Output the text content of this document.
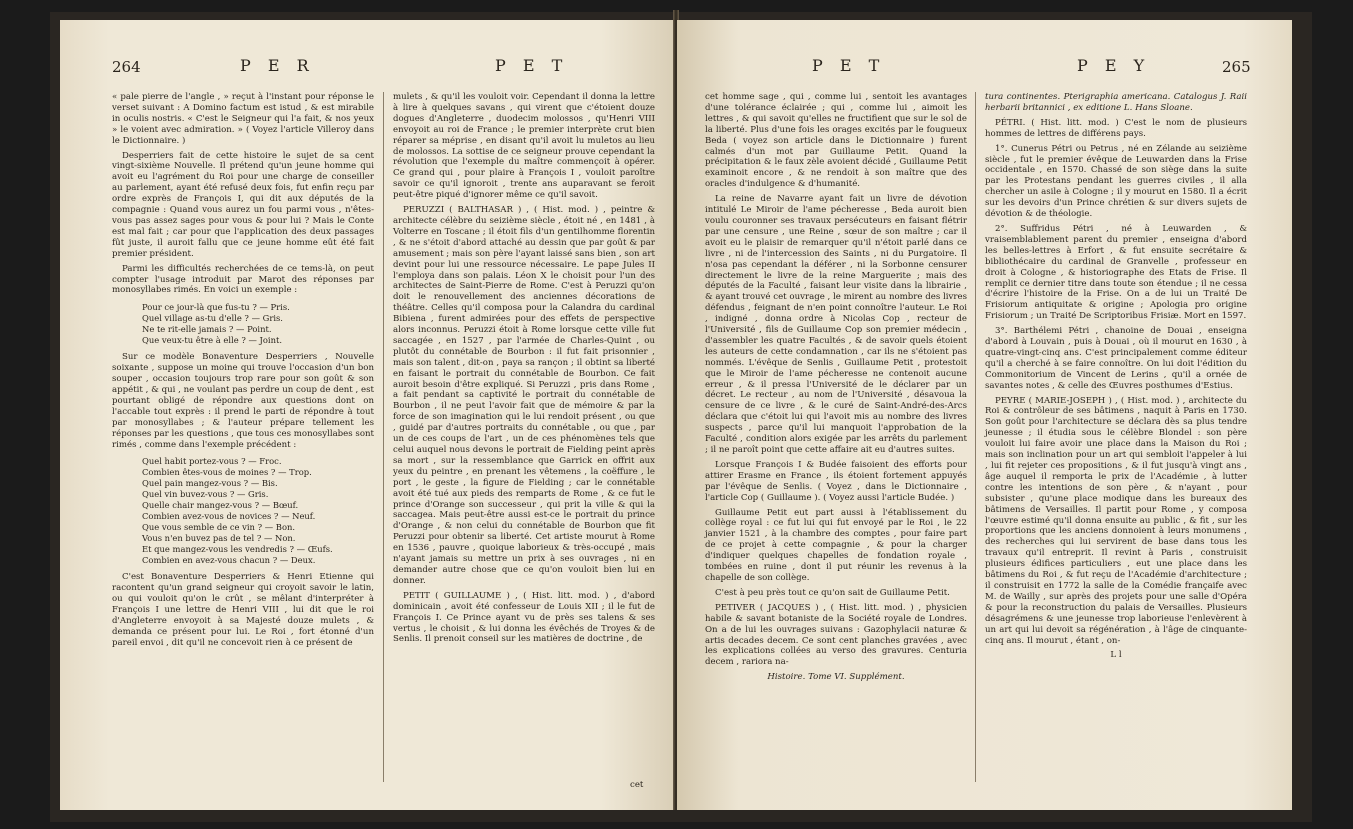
264	P E R	P E T

« pale pierre de l'angle , » reçut à l'instant pour réponse le verset suivant : A Domino factum est istud , & est mirabile in oculis nostris. « C'est le Seigneur qui l'a fait, & nos yeux » le voient avec admiration. » ( Voyez l'article Villeroy dans le Dictionnaire. )

Desperriers fait de cette histoire le sujet de sa cent vingt-sixième Nouvelle. Il prétend qu'un jeune homme qui avoit eu l'agrément du Roi pour une charge de conseiller au parlement, ayant été refusé deux fois, fut enfin reçu par ordre exprès de François I, qui dit aux députés de la compagnie : Quand vous aurez un fou parmi vous , n'êtes-vous pas assez sages pour vous & pour lui ? Mais le Conte est mal fait ; car pour que l'application des deux passages fût juste, il auroit fallu que ce jeune homme eût été fait premier président.

Parmi les difficultés recherchées de ce tems-là, on peut compter l'usage introduit par Marot des réponses par monosyllabes rimés. En voici un exemple :

Pour ce jour-là que fus-tu ? — Pris.
Quel village as-tu d'elle ? — Gris.
Ne te rit-elle jamais ? — Point.
Que veux-tu être à elle ? — Joint.

Sur ce modèle Bonaventure Desperriers , Nouvelle soixante , suppose un moine qui trouve l'occasion d'un bon souper , occasion toujours trop rare pour son goût & son appétit , & qui , ne voulant pas perdre un coup de dent , est pourtant obligé de répondre aux questions dont on l'accable tout exprès : il prend le parti de répondre à tout par monosyllabes ; & l'auteur prépare tellement les réponses par les questions , que tous ces monosyllabes sont rimés , comme dans l'exemple précédent :

Quel habit portez-vous ? — Froc.
Combien êtes-vous de moines ? — Trop.
Quel pain mangez-vous ? — Bis.
Quel vin buvez-vous ? — Gris.
Quelle chair mangez-vous ? — Bœuf.
Combien avez-vous de novices ? — Neuf.
Que vous semble de ce vin ? — Bon.
Vous n'en buvez pas de tel ? — Non.
Et que mangez-vous les vendredis ? — Œufs.
Combien en avez-vous chacun ? — Deux.

C'est Bonaventure Desperriers & Henri Etienne qui racontent qu'un grand seigneur qui croyoit savoir le latin, ou qui vouloit qu'on le crût , se mêlant d'interpréter à François I une lettre de Henri VIII , lui dit que le roi d'Angleterre envoyoit à sa Majesté douze mulets , & demanda ce présent pour lui. Le Roi , fort étonné d'un pareil envoi , dit qu'il ne concevoit rien à ce présent de

mulets , & qu'il les vouloit voir. Cependant il donna la lettre à lire à quelques savans , qui virent que c'étoient douze dogues d'Angleterre , duodecim molossos , qu'Henri VIII envoyoit au roi de France ; le premier interprète crut bien réparer sa méprise , en disant qu'il avoit lu muletos au lieu de molossos. La sottise de ce seigneur prouve cependant la révolution que l'exemple du maître commençoit à opérer. Ce grand qui , pour plaire à François I , vouloit paroître savoir ce qu'il ignoroit , trente ans auparavant se feroit peut-être piqué d'ignorer même ce qu'il savoit.

PERUZZI ( BALTHASAR ) , ( Hist. mod. ) , peintre & architecte célèbre du seizième siècle , étoit né , en 1481 , à Volterre en Toscane ; il étoit fils d'un gentilhomme florentin , & ne s'étoit d'abord attaché au dessin que par goût & par amusement ; mais son père l'ayant laissé sans bien , son art devint pour lui une ressource nécessaire. Le pape Jules II l'employa dans son palais. Léon X le choisit pour l'un des architectes de Saint-Pierre de Rome. C'est à Peruzzi qu'on doit le renouvellement des anciennes décorations de théâtre. Celles qu'il composa pour la Calandra du cardinal Bibiena , furent admirées pour des effets de perspective alors inconnus. Peruzzi étoit à Rome lorsque cette ville fut saccagée , en 1527 , par l'armée de Charles-Quint , ou plutôt du connétable de Bourbon : il fut fait prisonnier , mais son talent , dit-on , paya sa rançon ; il obtint sa liberté en faisant le portrait du connétable de Bourbon. Ce fait auroit besoin d'être expliqué. Si Peruzzi , pris dans Rome , a fait pendant sa captivité le portrait du connétable de Bourbon , il ne peut l'avoir fait que de mémoire & par la force de son imagination qui le lui rendoit présent , ou que , guidé par d'autres portraits du connétable , ou que , par un de ces coups de l'art , un de ces phénomènes tels que celui auquel nous devons le portrait de Fielding peint après sa mort , sur la ressemblance que Garrick en offrit aux yeux du peintre , en prenant les vêtemens , la coëffure , le port , le geste , la figure de Fielding ; car le connétable avoit été tué aux pieds des remparts de Rome , & ce fut le prince d'Orange son successeur , qui prit la ville & qui la saccagea. Mais peut-être aussi est-ce le portrait du prince d'Orange , & non celui du connétable de Bourbon que fit Peruzzi pour obtenir sa liberté. Cet artiste mourut à Rome en 1536 , pauvre , quoique laborieux & très-occupé , mais n'ayant jamais su mettre un prix à ses ouvrages , ni en demander autre chose que ce qu'on vouloit bien lui en donner.

PETIT ( GUILLAUME ) , ( Hist. litt. mod. ) , d'abord dominicain , avoit été confesseur de Louis XII ; il le fut de François I. Ce Prince ayant vu de près ses talens & ses vertus , le choisit , & lui donna les évêchés de Troyes & de Senlis. Il prenoit conseil sur les matières de doctrine , de

cet
P E T	P E Y	265

cet homme sage , qui , comme lui , sentoit les avantages d'une tolérance éclairée ; qui , comme lui , aimoit les lettres , & qui savoit qu'elles ne fructifient que sur le sol de la liberté. Plus d'une fois les orages excités par le fougueux Beda ( voyez son article dans le Dictionnaire ) furent calmés d'un mot par Guillaume Petit. Quand la précipitation & le faux zèle avoient décidé , Guillaume Petit examinoit encore , & ne rendoit à son maître que des oracles d'indulgence & d'humanité.

La reine de Navarre ayant fait un livre de dévotion intitulé Le Miroir de l'ame pécheresse , Beda auroit bien voulu couronner ses travaux persécuteurs en faisant flétrir par une censure , une Reine , sœur de son maître ; car il avoit eu le plaisir de remarquer qu'il n'étoit parlé dans ce livre , ni de l'intercession des Saints , ni du Purgatoire. Il n'osa pas cependant la déférer , ni la Sorbonne censurer directement le livre de la reine Marguerite ; mais des députés de la Faculté , faisant leur visite dans la librairie , & ayant trouvé cet ouvrage , le mirent au nombre des livres défendus , feignant de n'en point connoître l'auteur. Le Roi , indigné , donna ordre à Nicolas Cop , recteur de l'Université , fils de Guillaume Cop son premier médecin , d'assembler les quatre Facultés , & de savoir quels étoient les auteurs de cette condamnation , car ils ne s'étoient pas nommés. L'évêque de Senlis , Guillaume Petit , protestoit que le Miroir de l'ame pécheresse ne contenoit aucune erreur , & il pressa l'Université de le déclarer par un décret. Le recteur , au nom de l'Université , désavoua la censure de ce livre , & le curé de Saint-André-des-Arcs déclara que c'étoit lui qui l'avoit mis au nombre des livres suspects , parce qu'il lui manquoit l'approbation de la Faculté , condition alors exigée par les arrêts du parlement ; il ne paroît point que cette affaire ait eu d'autres suites.

Lorsque François I & Budée faisoient des efforts pour attirer Erasme en France , ils étoient fortement appuyés par l'évêque de Senlis. ( Voyez , dans le Dictionnaire , l'article Cop ( Guillaume ). ( Voyez aussi l'article Budée. )

Guillaume Petit eut part aussi à l'établissement du collège royal : ce fut lui qui fut envoyé par le Roi , le 22 janvier 1521 , à la chambre des comptes , pour faire part de ce projet à cette compagnie , & pour la charger d'indiquer quelques chapelles de fondation royale , tombées en ruine , dont il put réunir les revenus à la chapelle de son collège.

C'est à peu près tout ce qu'on sait de Guillaume Petit.

PETIVER ( JACQUES ) , ( Hist. litt. mod. ) , physicien habile & savant botaniste de la Société royale de Londres. On a de lui les ouvrages suivans : Gazophylacii naturæ & artis decades decem. Ce sont cent planches gravées , avec les explications collées au verso des gravures. Centuria decem , rariora na-

Histoire. Tome VI. Supplément.

tura continentes. Pterigraphia americana. Catalogus J. Raii herbarii britannici , ex editione L. Hans Sloane.

PÉTRI. ( Hist. litt. mod. ) C'est le nom de plusieurs hommes de lettres de différens pays.

1°. Cunerus Pétri ou Petrus , né en Zélande au seizième siècle , fut le premier évêque de Leuwarden dans la Frise occidentale , en 1570. Chassé de son siège dans la suite par les Protestans pendant les guerres civiles , il alla chercher un asile à Cologne ; il y mourut en 1580. Il a écrit sur les devoirs d'un Prince chrétien & sur divers sujets de dévotion & de théologie.

2°. Suffridus Pétri , né à Leuwarden , & vraisemblablement parent du premier , enseigna d'abord les belles-lettres à Erfort , & fut ensuite secrétaire & bibliothécaire du cardinal de Granvelle , professeur en droit à Cologne , & historiographe des Etats de Frise. Il remplit ce dernier titre dans toute son étendue ; il ne cessa d'écrire l'histoire de la Frise. On a de lui un Traité De Frisiorum antiquitate & origine ; Apologia pro origine Frisiorum ; un Traité De Scriptoribus Frisiæ. Mort en 1597.

3°. Barthélemi Pétri , chanoine de Douai , enseigna d'abord à Louvain , puis à Douai , où il mourut en 1630 , à quatre-vingt-cinq ans. C'est principalement comme éditeur qu'il a cherché à se faire connoître. On lui doit l'édition du Commonitorium de Vincent de Lerins , qu'il a ornée de savantes notes , & celle des Œuvres posthumes d'Estius.

PEYRE ( MARIE-JOSEPH ) , ( Hist. mod. ) , architecte du Roi & contrôleur de ses bâtimens , naquit à Paris en 1730. Son goût pour l'architecture se déclara dès sa plus tendre jeunesse ; il étudia sous le célèbre Blondel : son père vouloit lui faire avoir une place dans la Maison du Roi ; mais son inclination pour un art qui sembloit l'appeler à lui , lui fit rejeter ces propositions , & il fut jusqu'à vingt ans , âge auquel il remporta le prix de l'Académie , à lutter contre les intentions de son père , & n'ayant , pour subsister , qu'une place modique dans les bureaux des bâtimens de Versailles. Il partit pour Rome , y composa l'œuvre estimé qu'il donna ensuite au public , & fit , sur les proportions que les anciens donnoient à leurs monumens , des recherches qui lui servirent de base dans tous les travaux qu'il entreprit. Il revint à Paris , construisit plusieurs édifices particuliers , eut une place dans les bâtimens du Roi , & fut reçu de l'Académie d'architecture ; il construisit en 1772 la salle de la Comédie françaife avec M. de Wailly , sur après des projets pour une salle d'Opéra & pour la reconstruction du palais de Versailles. Plusieurs désagrémens & une jeunesse trop laborieuse l'enlevèrent à un art qui lui devoit sa régénération , à l'âge de cinquante-cinq ans. Il mourut , étant , on-

L l
